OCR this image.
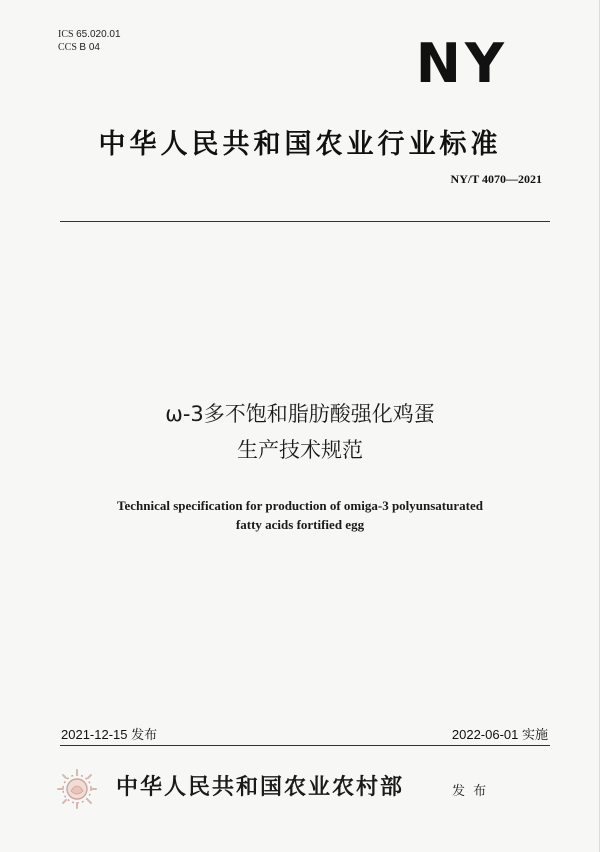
ICS 65.020.01
CCS B 04	NY
中华人民共和国农业行业标准
NY/T 4070—2021
ω-3多不饱和脂肪酸强化鸡蛋
生产技术规范
Technical specification for production of omiga-3 polyunsaturated
fatty acids fortified egg
2021-12-15 发布	2022-06-01 实施
中华人民共和国农业农村部	发 布
